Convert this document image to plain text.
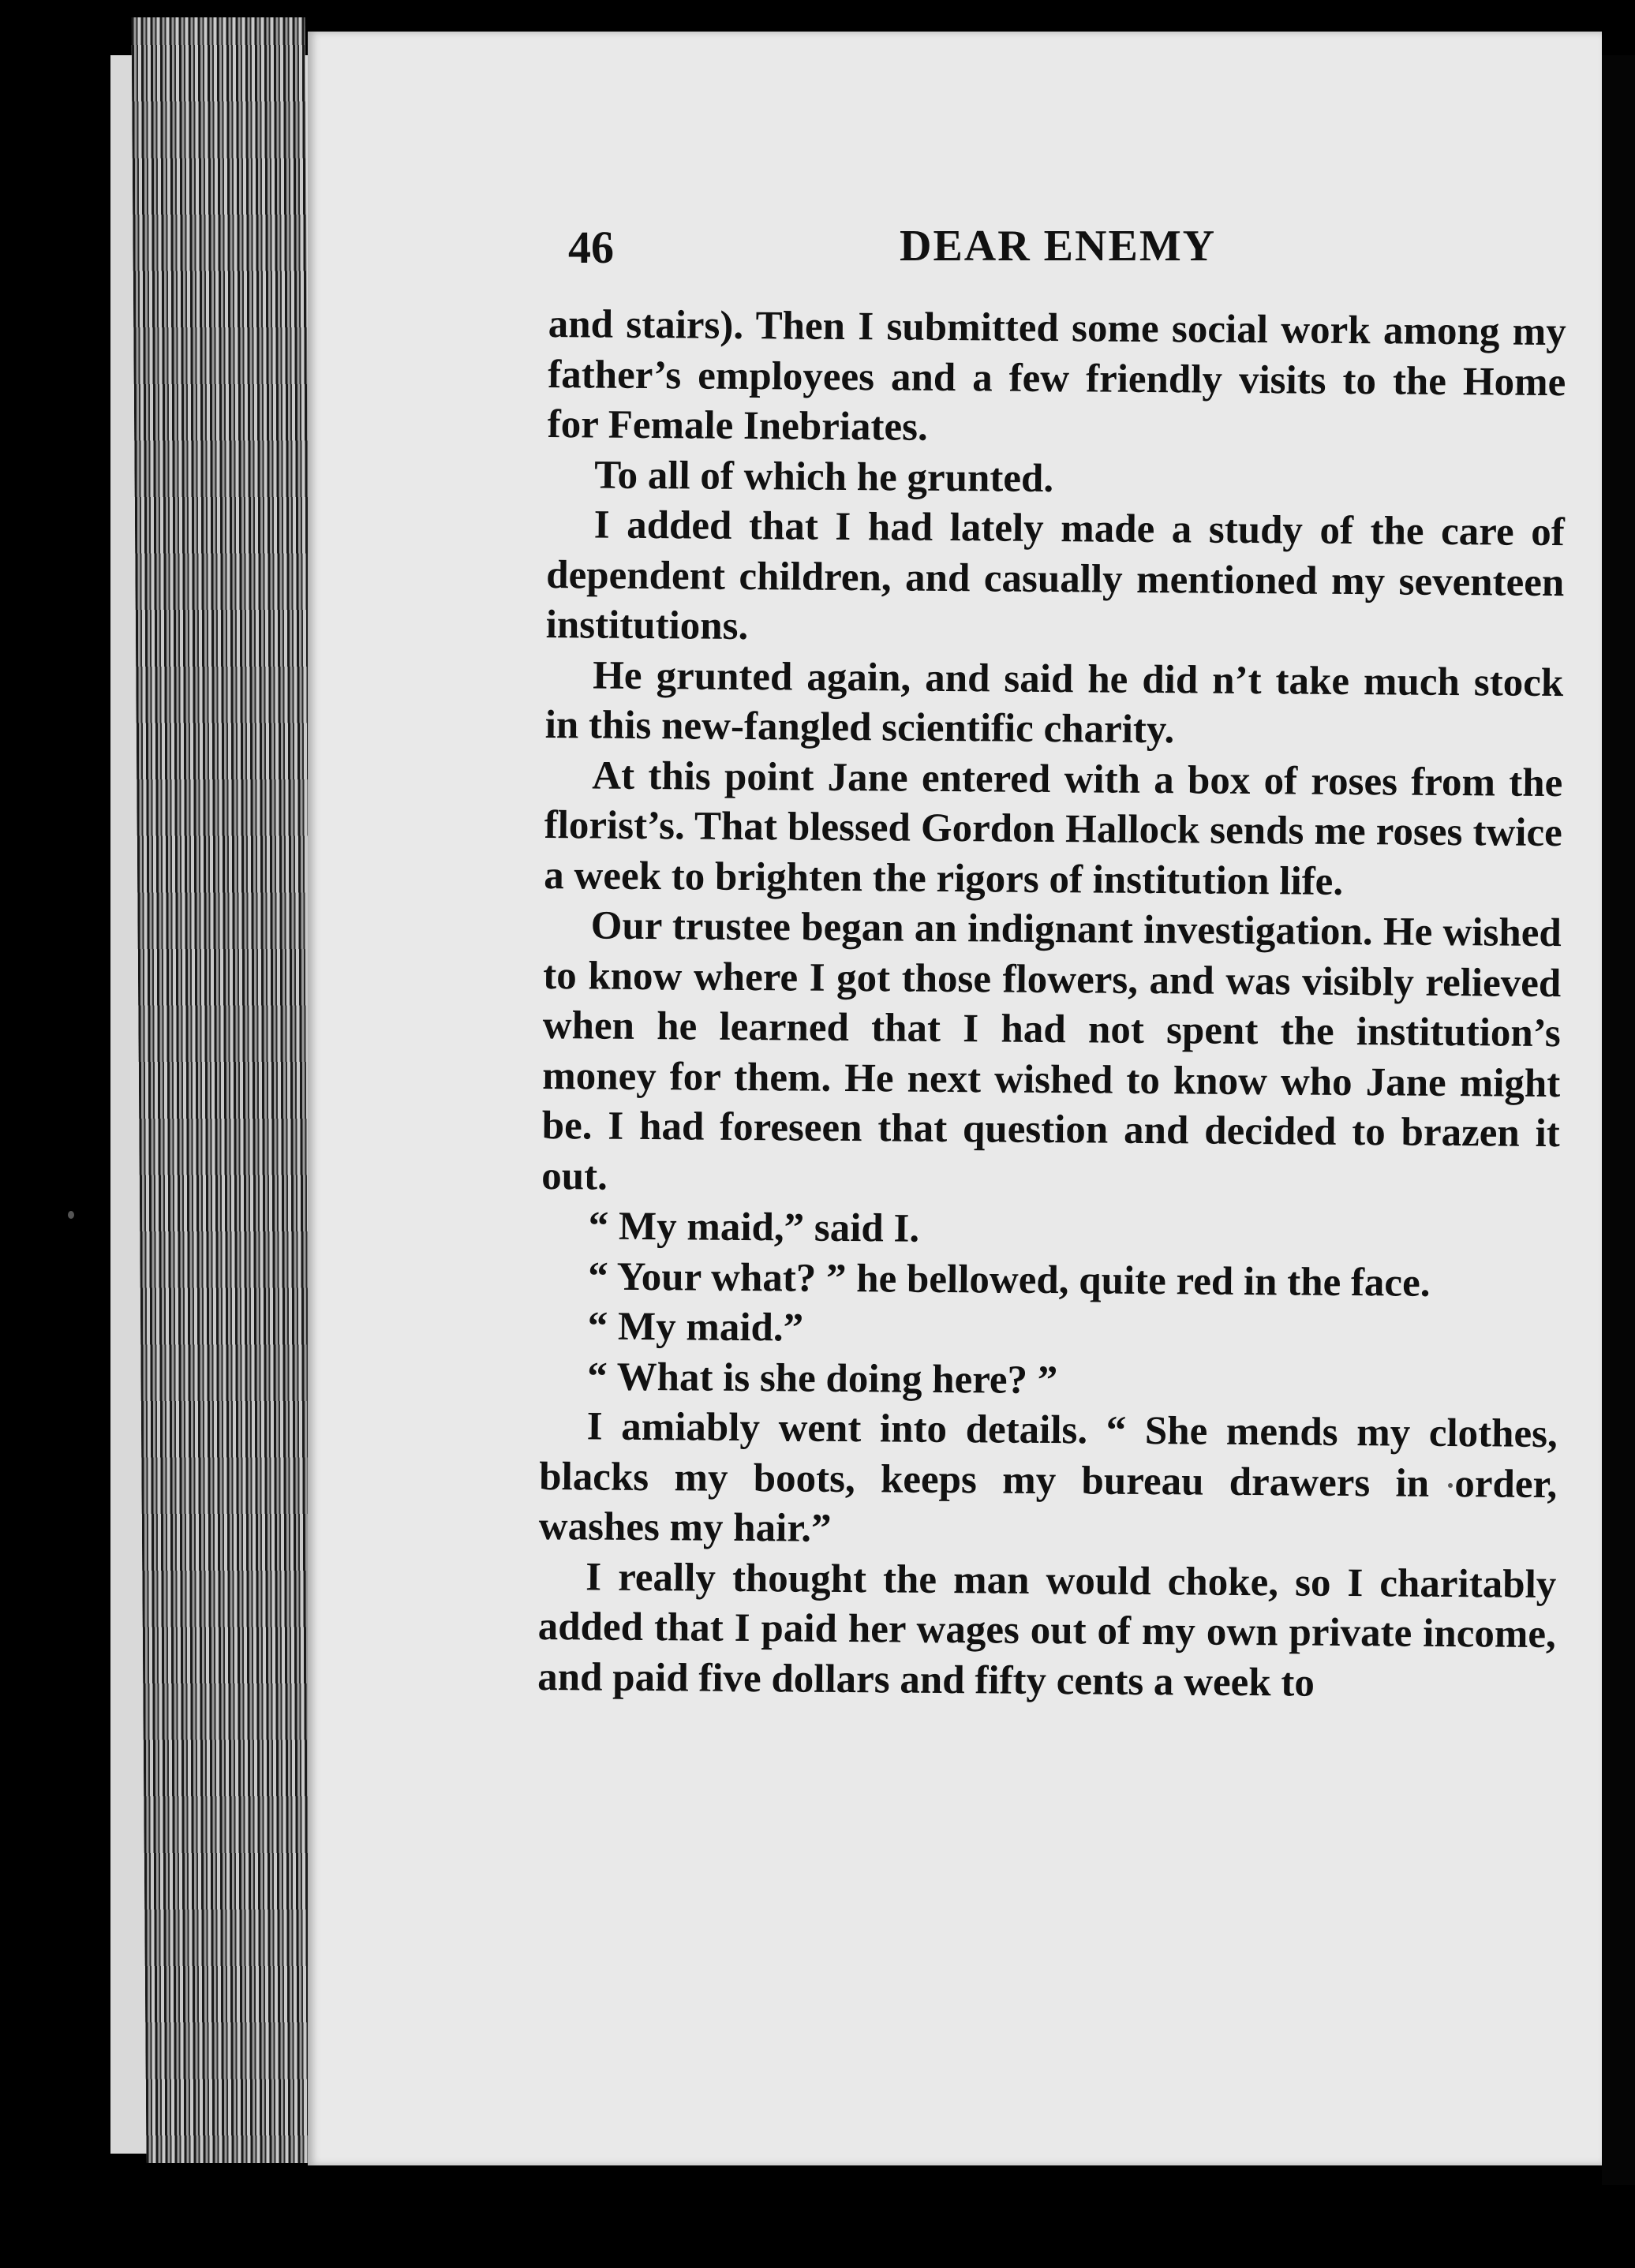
46	DEAR ENEMY

and stairs). Then I submitted some social work among my father’s employees and a few friendly visits to the Home for Female Inebriates.

To all of which he grunted.

I added that I had lately made a study of the care of dependent children, and casually mentioned my seventeen institutions.

He grunted again, and said he did n’t take much stock in this new-fangled scientific charity.

At this point Jane entered with a box of roses from the florist’s. That blessed Gordon Hallock sends me roses twice a week to brighten the rigors of institution life.

Our trustee began an indignant investigation. He wished to know where I got those flowers, and was visibly relieved when he learned that I had not spent the institution’s money for them. He next wished to know who Jane might be. I had foreseen that question and decided to brazen it out.

“ My maid,” said I.

“ Your what? ” he bellowed, quite red in the face.

“ My maid.”

“ What is she doing here? ”

I amiably went into details. “ She mends my clothes, blacks my boots, keeps my bureau drawers in order, washes my hair.”

I really thought the man would choke, so I charitably added that I paid her wages out of my own private income, and paid five dollars and fifty cents a week to
